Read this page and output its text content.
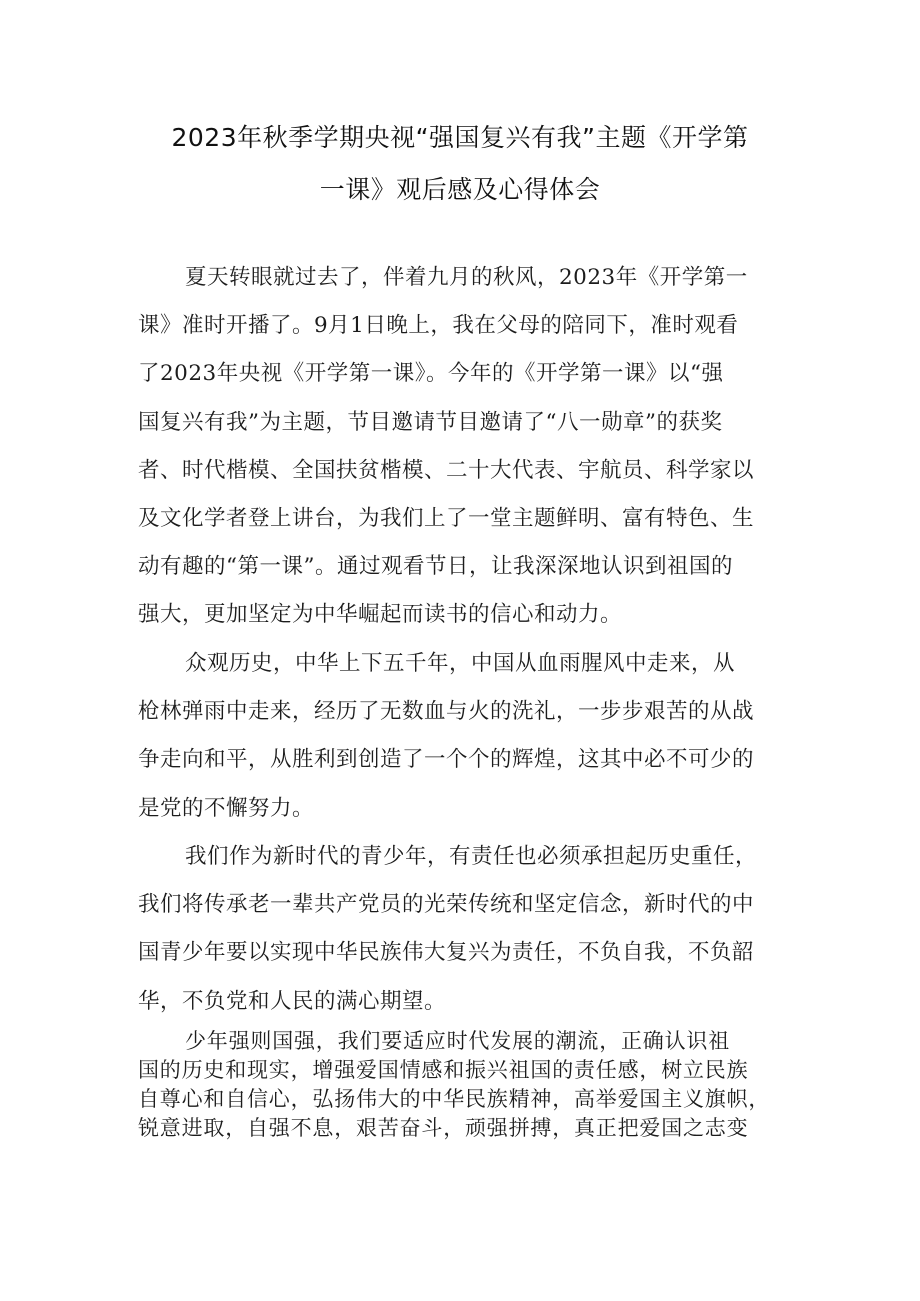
2023年秋季学期央视“强国复兴有我”主题《开学第
一课》观后感及心得体会
夏天转眼就过去了，伴着九月的秋风，2023年《开学第一
课》准时开播了。9月1日晚上，我在父母的陪同下，准时观看
了2023年央视《开学第一课》。今年的《开学第一课》以“强
国复兴有我”为主题，节目邀请节目邀请了“八一勋章”的获奖
者、时代楷模、全国扶贫楷模、二十大代表、宇航员、科学家以
及文化学者登上讲台，为我们上了一堂主题鲜明、富有特色、生
动有趣的“第一课”。通过观看节日，让我深深地认识到祖国的
强大，更加坚定为中华崛起而读书的信心和动力。
众观历史，中华上下五千年，中国从血雨腥风中走来，从
枪林弹雨中走来，经历了无数血与火的洗礼，一步步艰苦的从战
争走向和平，从胜利到创造了一个个的辉煌，这其中必不可少的
是党的不懈努力。
我们作为新时代的青少年，有责任也必须承担起历史重任，
我们将传承老一辈共产党员的光荣传统和坚定信念，新时代的中
国青少年要以实现中华民族伟大复兴为责任，不负自我，不负韶
华，不负党和人民的满心期望。
少年强则国强，我们要适应时代发展的潮流，正确认识祖
国的历史和现实，增强爱国情感和振兴祖国的责任感，树立民族
自尊心和自信心，弘扬伟大的中华民族精神，高举爱国主义旗帜，
锐意进取，自强不息，艰苦奋斗，顽强拼搏，真正把爱国之志变
